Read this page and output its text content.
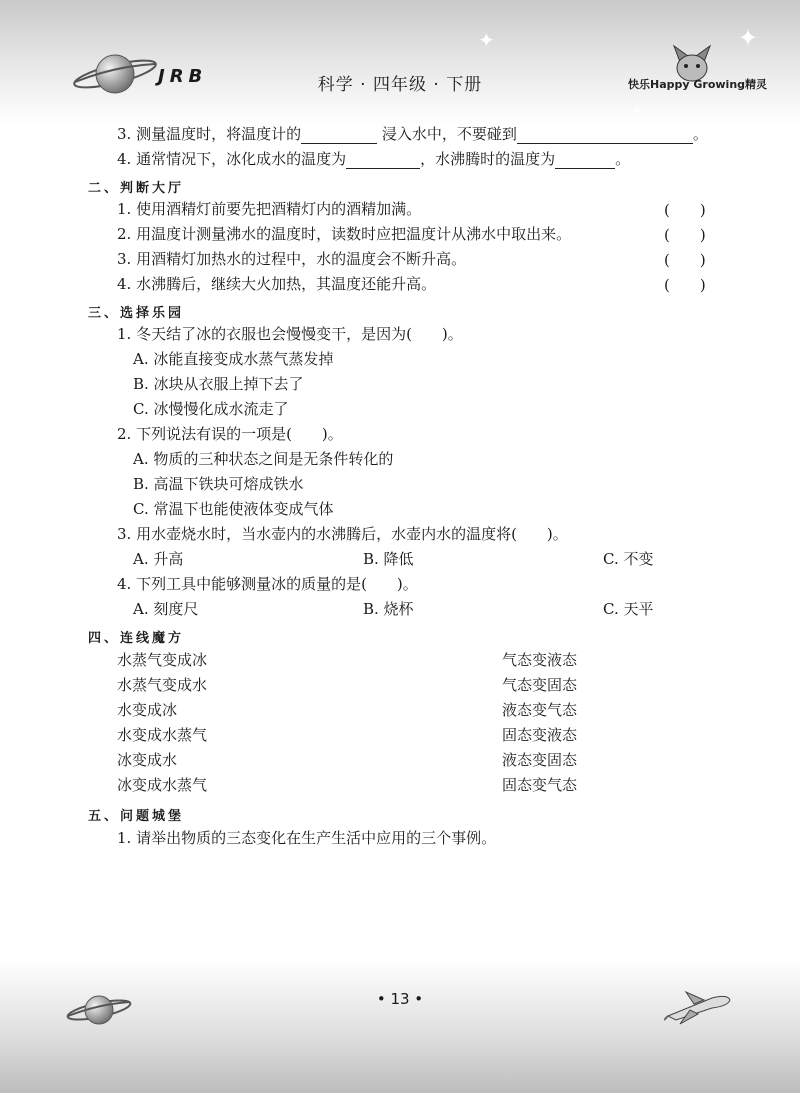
✦	✦
✦
JRB	科学 · 四年级 · 下册	快乐Happy Growing精灵
3. 测量温度时，将温度计的	浸入水中，不要碰到	。
4. 通常情况下，冰化成水的温度为	，水沸腾时的温度为	。
二、判断大厅
1. 使用酒精灯前要先把酒精灯内的酒精加满。	(　　)
2. 用温度计测量沸水的温度时，读数时应把温度计从沸水中取出来。	(　　)
3. 用酒精灯加热水的过程中，水的温度会不断升高。	(　　)
4. 水沸腾后，继续大火加热，其温度还能升高。	(　　)
三、选择乐园
1. 冬天结了冰的衣服也会慢慢变干，是因为(　　)。
A. 冰能直接变成水蒸气蒸发掉
B. 冰块从衣服上掉下去了
C. 冰慢慢化成水流走了
2. 下列说法有误的一项是(　　)。
A. 物质的三种状态之间是无条件转化的
B. 高温下铁块可熔成铁水
C. 常温下也能使液体变成气体
3. 用水壶烧水时，当水壶内的水沸腾后，水壶内水的温度将(　　)。
A. 升高	B. 降低	C. 不变
4. 下列工具中能够测量冰的质量的是(　　)。
A. 刻度尺	B. 烧杯	C. 天平
四、连线魔方
水蒸气变成冰	气态变液态
水蒸气变成水	气态变固态
水变成冰	液态变气态
水变成水蒸气	固态变液态
冰变成水	液态变固态
冰变成水蒸气	固态变气态
五、问题城堡
1. 请举出物质的三态变化在生产生活中应用的三个事例。
• 13 •
